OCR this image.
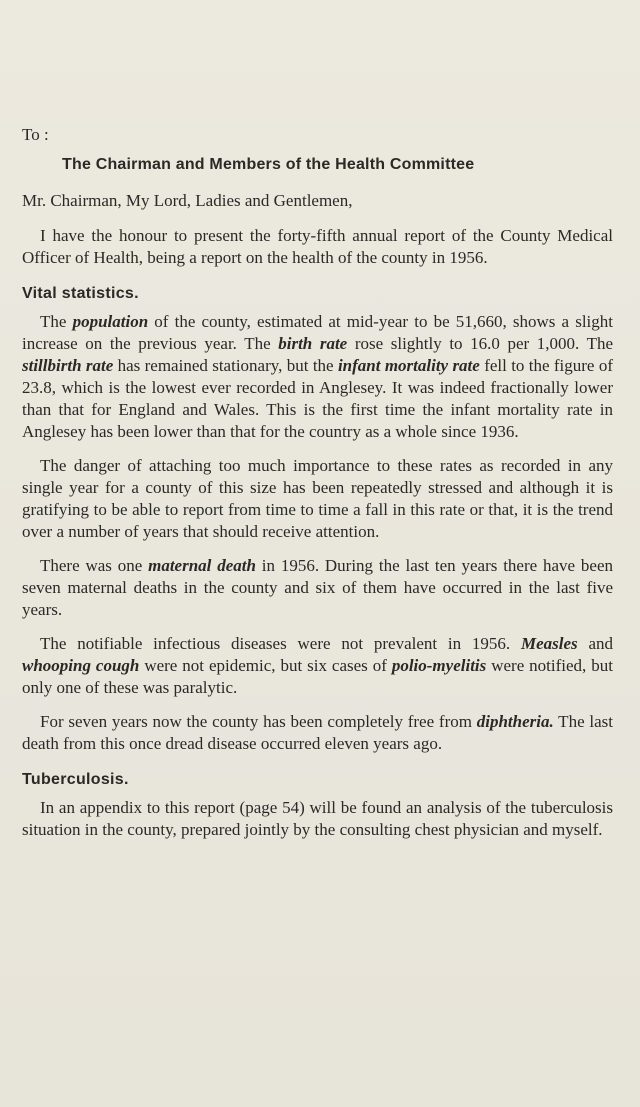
To :
The Chairman and Members of the Health Committee
Mr. Chairman, My Lord, Ladies and Gentlemen,

I have the honour to present the forty-fifth annual report of the County Medical Officer of Health, being a report on the health of the county in 1956.

Vital statistics.

The population of the county, estimated at mid-year to be 51,660, shows a slight increase on the previous year. The birth rate rose slightly to 16.0 per 1,000. The stillbirth rate has remained stationary, but the infant mortality rate fell to the figure of 23.8, which is the lowest ever recorded in Anglesey. It was indeed fractionally lower than that for England and Wales. This is the first time the infant mortality rate in Anglesey has been lower than that for the country as a whole since 1936.

The danger of attaching too much importance to these rates as recorded in any single year for a county of this size has been repeatedly stressed and although it is gratifying to be able to report from time to time a fall in this rate or that, it is the trend over a number of years that should receive attention.

There was one maternal death in 1956. During the last ten years there have been seven maternal deaths in the county and six of them have occurred in the last five years.

The notifiable infectious diseases were not prevalent in 1956. Measles and whooping cough were not epidemic, but six cases of polio-myelitis were notified, but only one of these was paralytic.

For seven years now the county has been completely free from diphtheria. The last death from this once dread disease occurred eleven years ago.

Tuberculosis.

In an appendix to this report (page 54) will be found an analysis of the tuberculosis situation in the county, prepared jointly by the consulting chest physician and myself.
